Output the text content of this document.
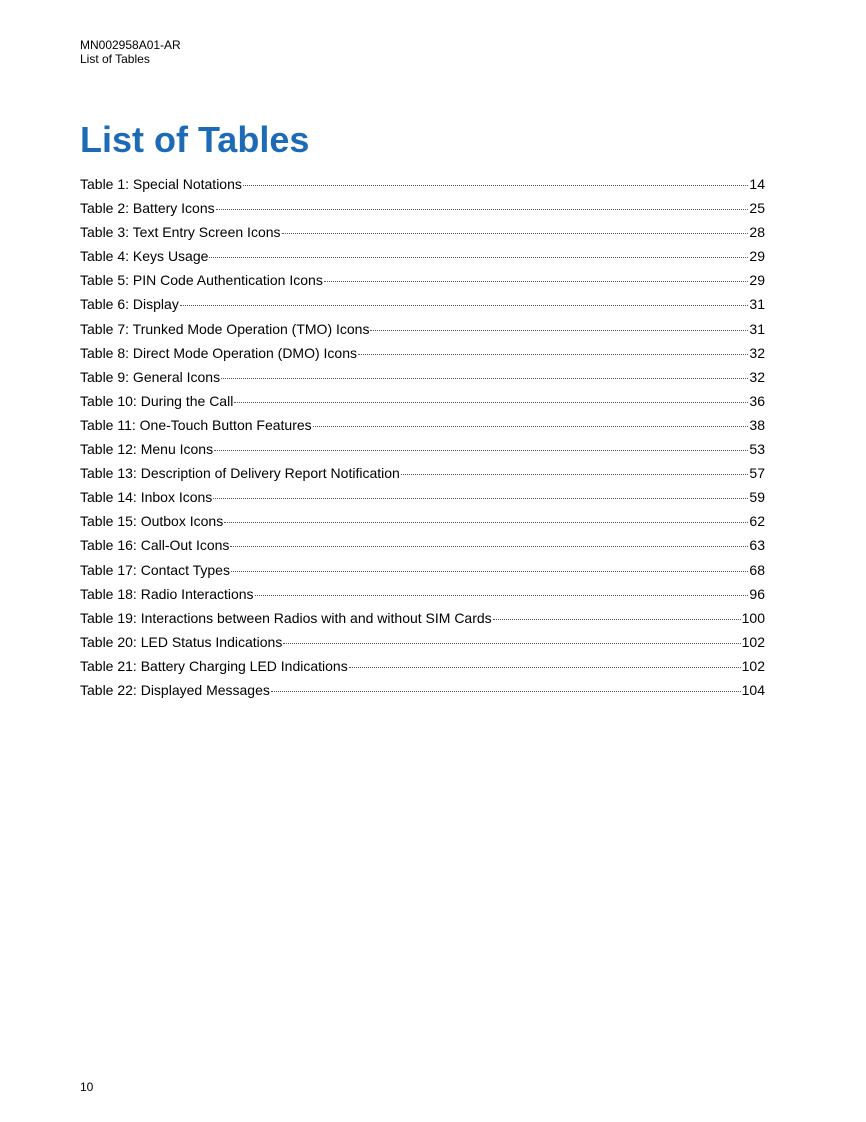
MN002958A01-AR
List of Tables
List of Tables
Table 1: Special Notations	14
Table 2: Battery Icons	25
Table 3: Text Entry Screen Icons	28
Table 4: Keys Usage	29
Table 5: PIN Code Authentication Icons	29
Table 6: Display	31
Table 7: Trunked Mode Operation (TMO) Icons	31
Table 8: Direct Mode Operation (DMO) Icons	32
Table 9: General Icons	32
Table 10: During the Call	36
Table 11: One-Touch Button Features	38
Table 12: Menu Icons	53
Table 13: Description of Delivery Report Notification	57
Table 14: Inbox Icons	59
Table 15: Outbox Icons	62
Table 16: Call-Out Icons	63
Table 17: Contact Types	68
Table 18: Radio Interactions	96
Table 19: Interactions between Radios with and without SIM Cards	100
Table 20: LED Status Indications	102
Table 21: Battery Charging LED Indications	102
Table 22: Displayed Messages	104
10
